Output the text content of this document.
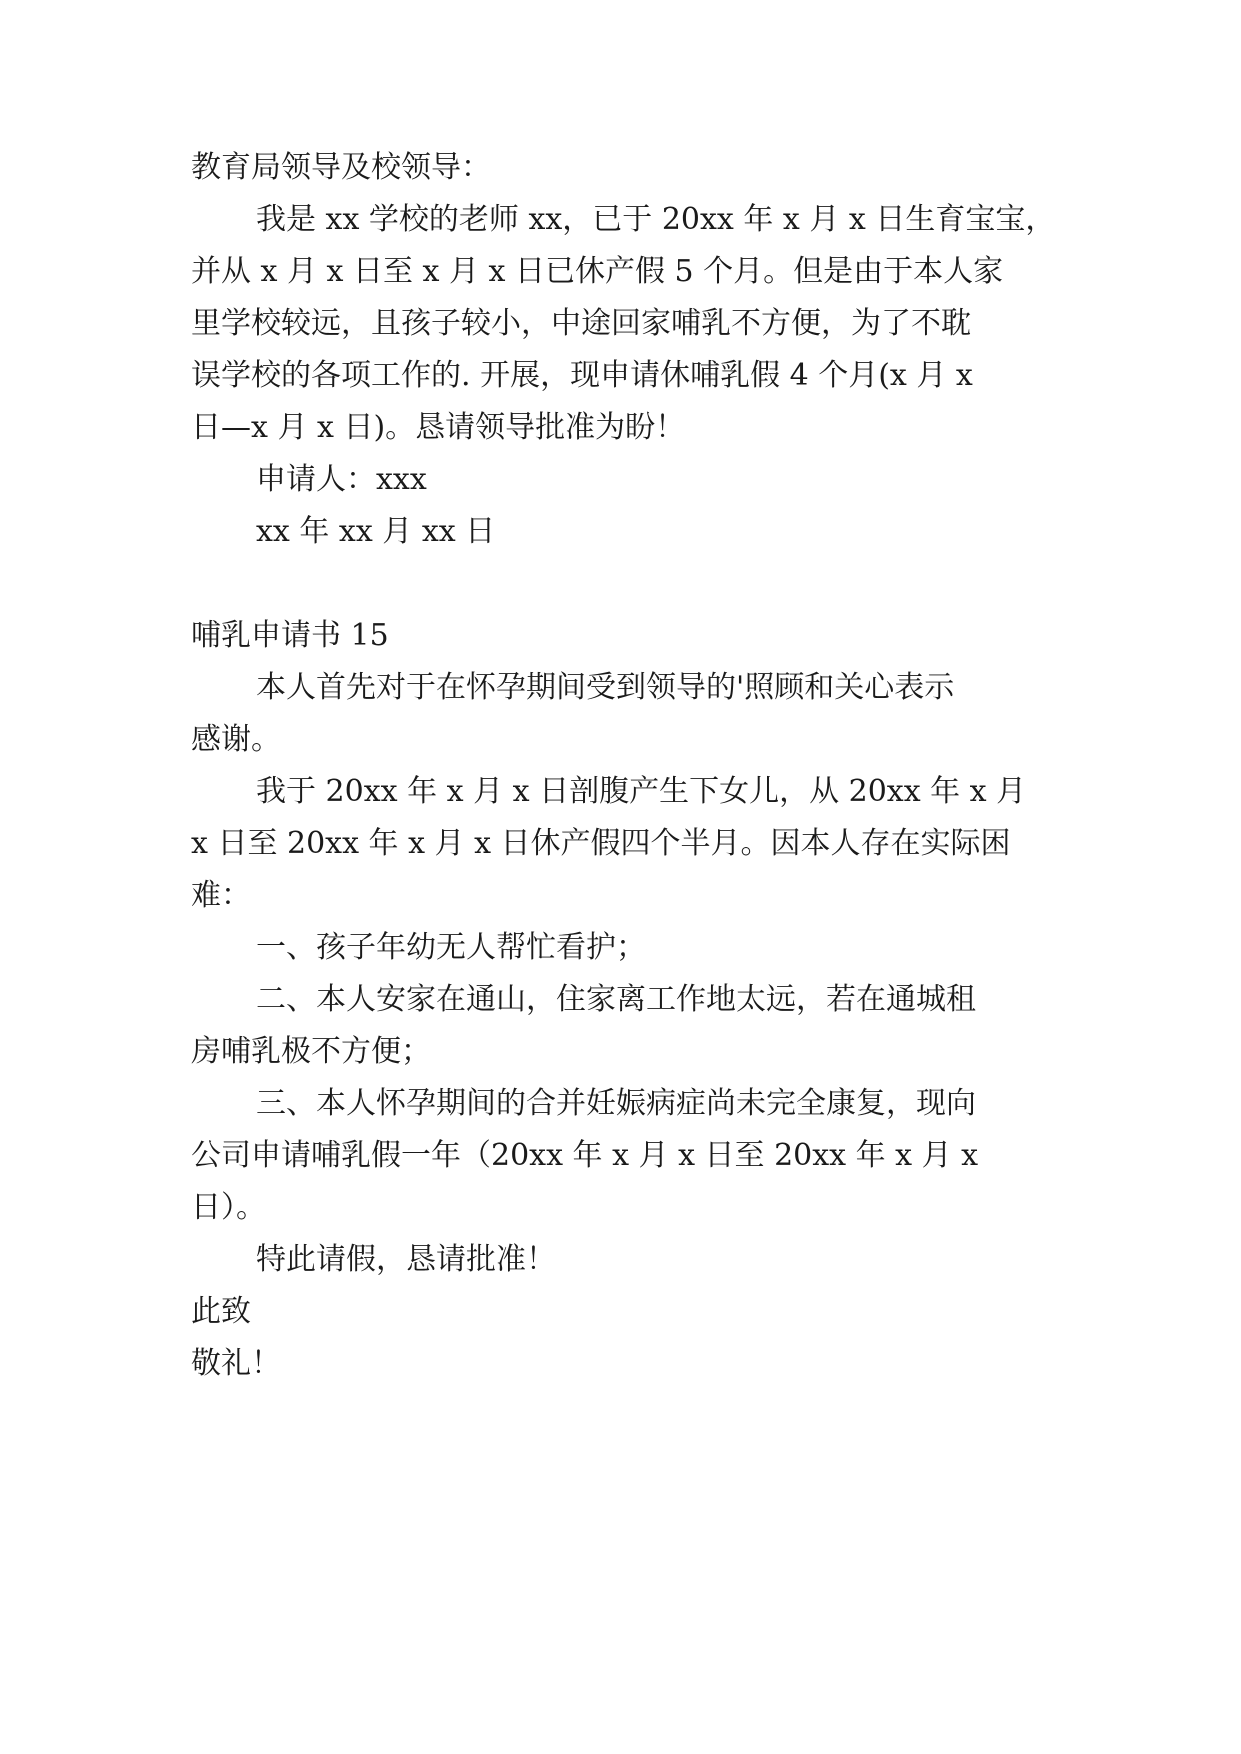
教育局领导及校领导：
我是 xx 学校的老师 xx，已于 20xx 年 x 月 x 日生育宝宝，
并从 x 月 x 日至 x 月 x 日已休产假 5 个月。但是由于本人家
里学校较远，且孩子较小，中途回家哺乳不方便，为了不耽
误学校的各项工作的. 开展，现申请休哺乳假 4 个月(x 月 x
日—x 月 x 日)。恳请领导批准为盼！
申请人：xxx
xx 年 xx 月 xx 日
哺乳申请书 15
本人首先对于在怀孕期间受到领导的'照顾和关心表示
感谢。
我于 20xx 年 x 月 x 日剖腹产生下女儿，从 20xx 年 x 月
x 日至 20xx 年 x 月 x 日休产假四个半月。因本人存在实际困
难：
一、孩子年幼无人帮忙看护；
二、本人安家在通山，住家离工作地太远，若在通城租
房哺乳极不方便；
三、本人怀孕期间的合并妊娠病症尚未完全康复，现向
公司申请哺乳假一年（20xx 年 x 月 x 日至 20xx 年 x 月 x
日）。
特此请假，恳请批准！
此致
敬礼！
